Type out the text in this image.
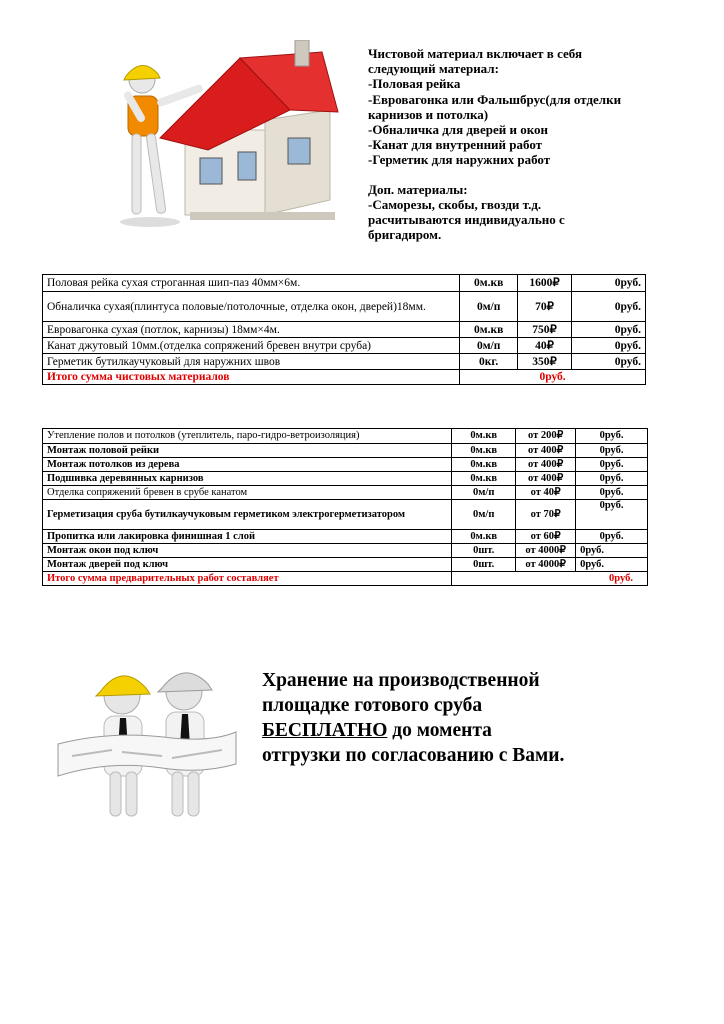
Чистовой материал включает в себя
следующий материал:
-Половая рейка
-Евровагонка или Фальшбрус(для отделки
карнизов и потолка)
-Обналичка для дверей и окон
-Канат для внутренний работ
-Герметик для наружних работ
Доп. материалы:
-Саморезы, скобы, гвозди т.д.
расчитываются индивидуально с
бригадиром.
Половая рейка сухая строганная шип-паз 40мм×6м.	0м.кв	1600₽	0руб.
Обналичка сухая(плинтуса половые/потолочные, отделка окон, дверей)18мм.	0м/п	70₽	0руб.
Евровагонка сухая (потлок, карнизы) 18мм×4м.	0м.кв	750₽	0руб.
Канат джутовый 10мм.(отделка сопряжений бревен внутри сруба)	0м/п	40₽	0руб.
Герметик бутилкаучуковый для наружних швов	0кг.	350₽	0руб.
Итого сумма чистовых материалов	0руб.		
Утепление полов и потолков (утеплитель, паро-гидро-ветроизоляция)	0м.кв	от 200₽	0руб.
Монтаж половой рейки	0м.кв	от 400₽	0руб.
Монтаж потолков из дерева	0м.кв	от 400₽	0руб.
Подшивка деревянных карнизов	0м.кв	от 400₽	0руб.
Отделка сопряжений бревен в срубе канатом	0м/п	от 40₽	0руб.
Герметизация сруба бутилкаучуковым герметиком электрогерметизатором	0м/п	от 70₽	0руб.
Пропитка или лакировка финишная 1 слой	0м.кв	от 60₽	0руб.
Монтаж окон под ключ	0шт.	от 4000₽	0руб.
Монтаж дверей под ключ	0шт.	от 4000₽	0руб.
Итого сумма предварительных работ составляет	0руб.		
Хранение на производственной
площадке готового сруба
БЕСПЛАТНО до момента
отгрузки по согласованию с Вами.
